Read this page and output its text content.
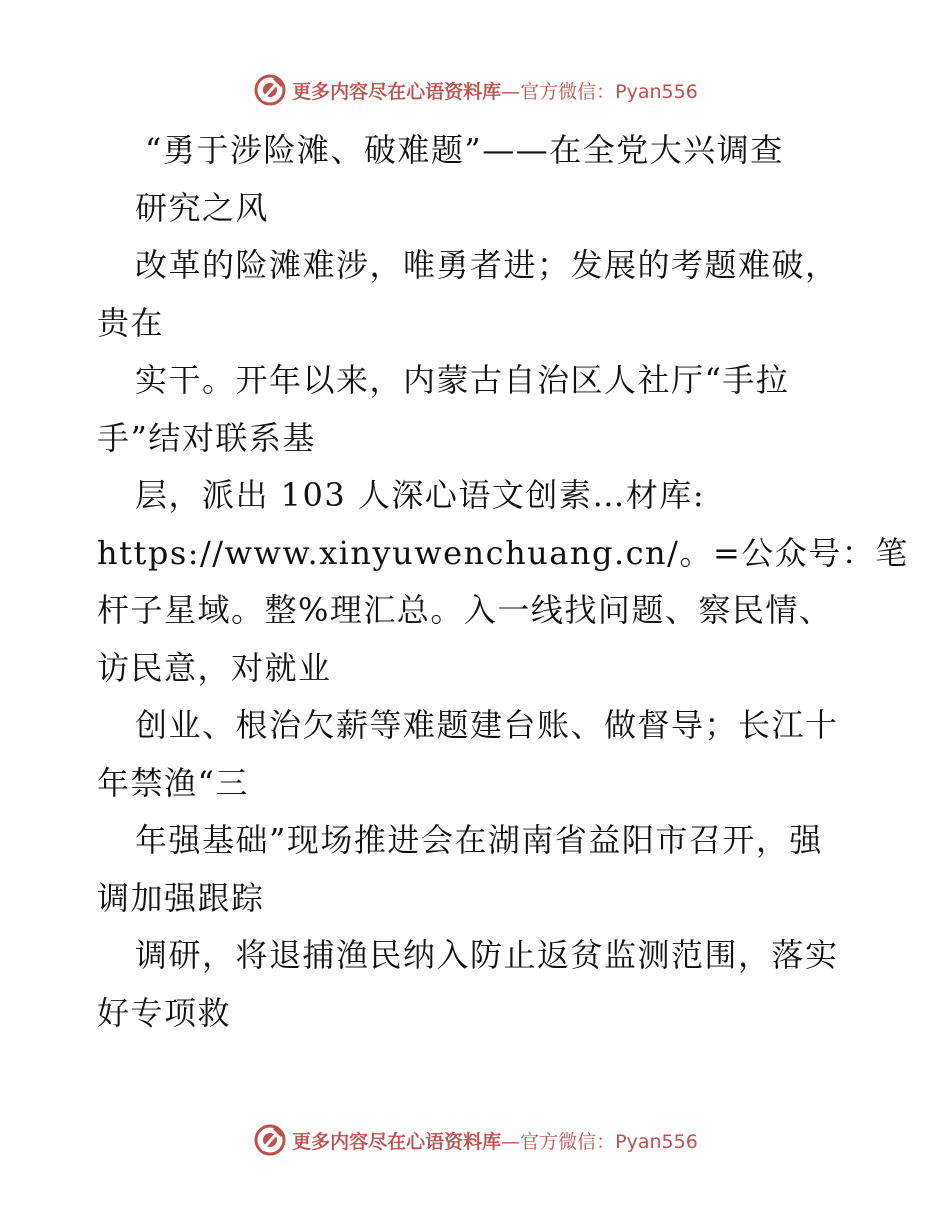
更多内容尽在心语资料库—官方微信：Pyan556
“勇于涉险滩、破难题”——在全党大兴调查
研究之风
改革的险滩难涉，唯勇者进；发展的考题难破，
贵在
实干。开年以来，内蒙古自治区人社厅“手拉
手”结对联系基
层，派出 103 人深心语文创素…材库:
https://www.xinyuwenchuang.cn/。=公众号：笔
杆子星域。整%理汇总。入一线找问题、察民情、
访民意，对就业
创业、根治欠薪等难题建台账、做督导；长江十
年禁渔“三
年强基础”现场推进会在湖南省益阳市召开，强
调加强跟踪
调研，将退捕渔民纳入防止返贫监测范围，落实
好专项救
更多内容尽在心语资料库—官方微信：Pyan556
